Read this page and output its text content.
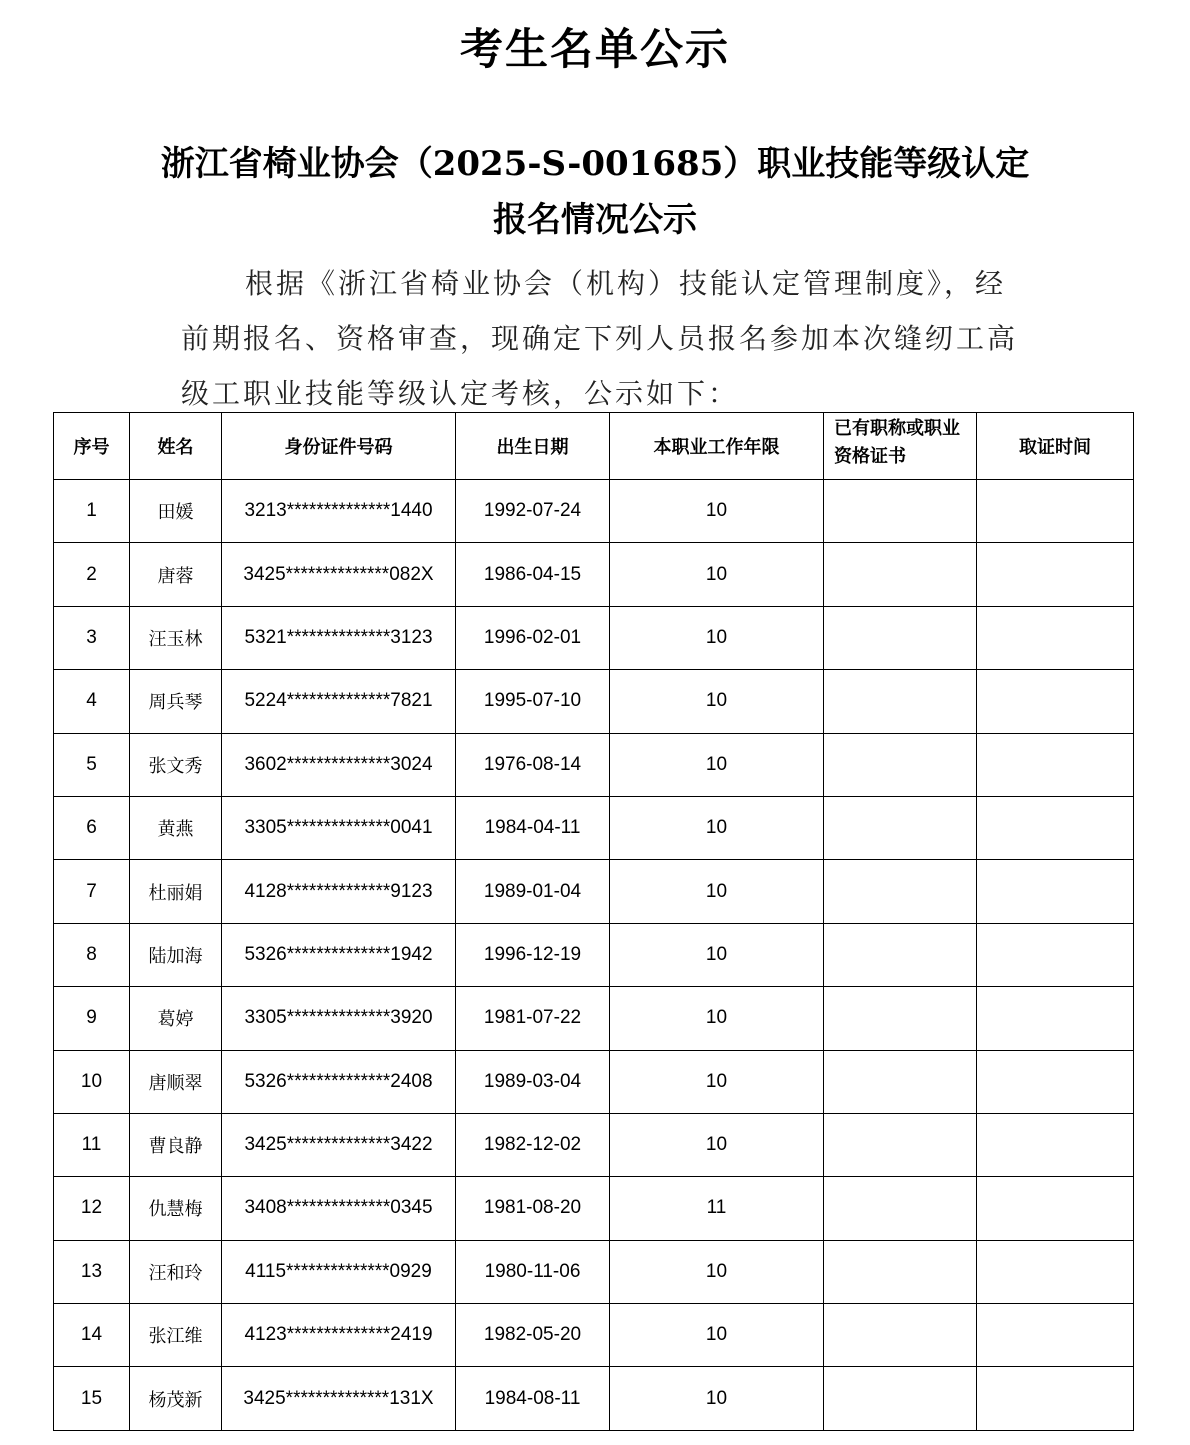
考生名单公示
浙江省椅业协会（2025-S-001685）职业技能等级认定
报名情况公示
根据《浙江省椅业协会（机构）技能认定管理制度》，经前期报名、资格审查，现确定下列人员报名参加本次缝纫工高级工职业技能等级认定考核，公示如下：
序号	姓名	身份证件号码	出生日期	本职业工作年限	已有职称或职业资格证书	取证时间
1	田媛	3213**************1440	1992-07-24	10		
2	唐蓉	3425**************082X	1986-04-15	10		
3	汪玉林	5321**************3123	1996-02-01	10		
4	周兵琴	5224**************7821	1995-07-10	10		
5	张文秀	3602**************3024	1976-08-14	10		
6	黄燕	3305**************0041	1984-04-11	10		
7	杜丽娟	4128**************9123	1989-01-04	10		
8	陆加海	5326**************1942	1996-12-19	10		
9	葛婷	3305**************3920	1981-07-22	10		
10	唐顺翠	5326**************2408	1989-03-04	10		
11	曹良静	3425**************3422	1982-12-02	10		
12	仇慧梅	3408**************0345	1981-08-20	11		
13	汪和玲	4115**************0929	1980-11-06	10		
14	张江维	4123**************2419	1982-05-20	10		
15	杨茂新	3425**************131X	1984-08-11	10		
